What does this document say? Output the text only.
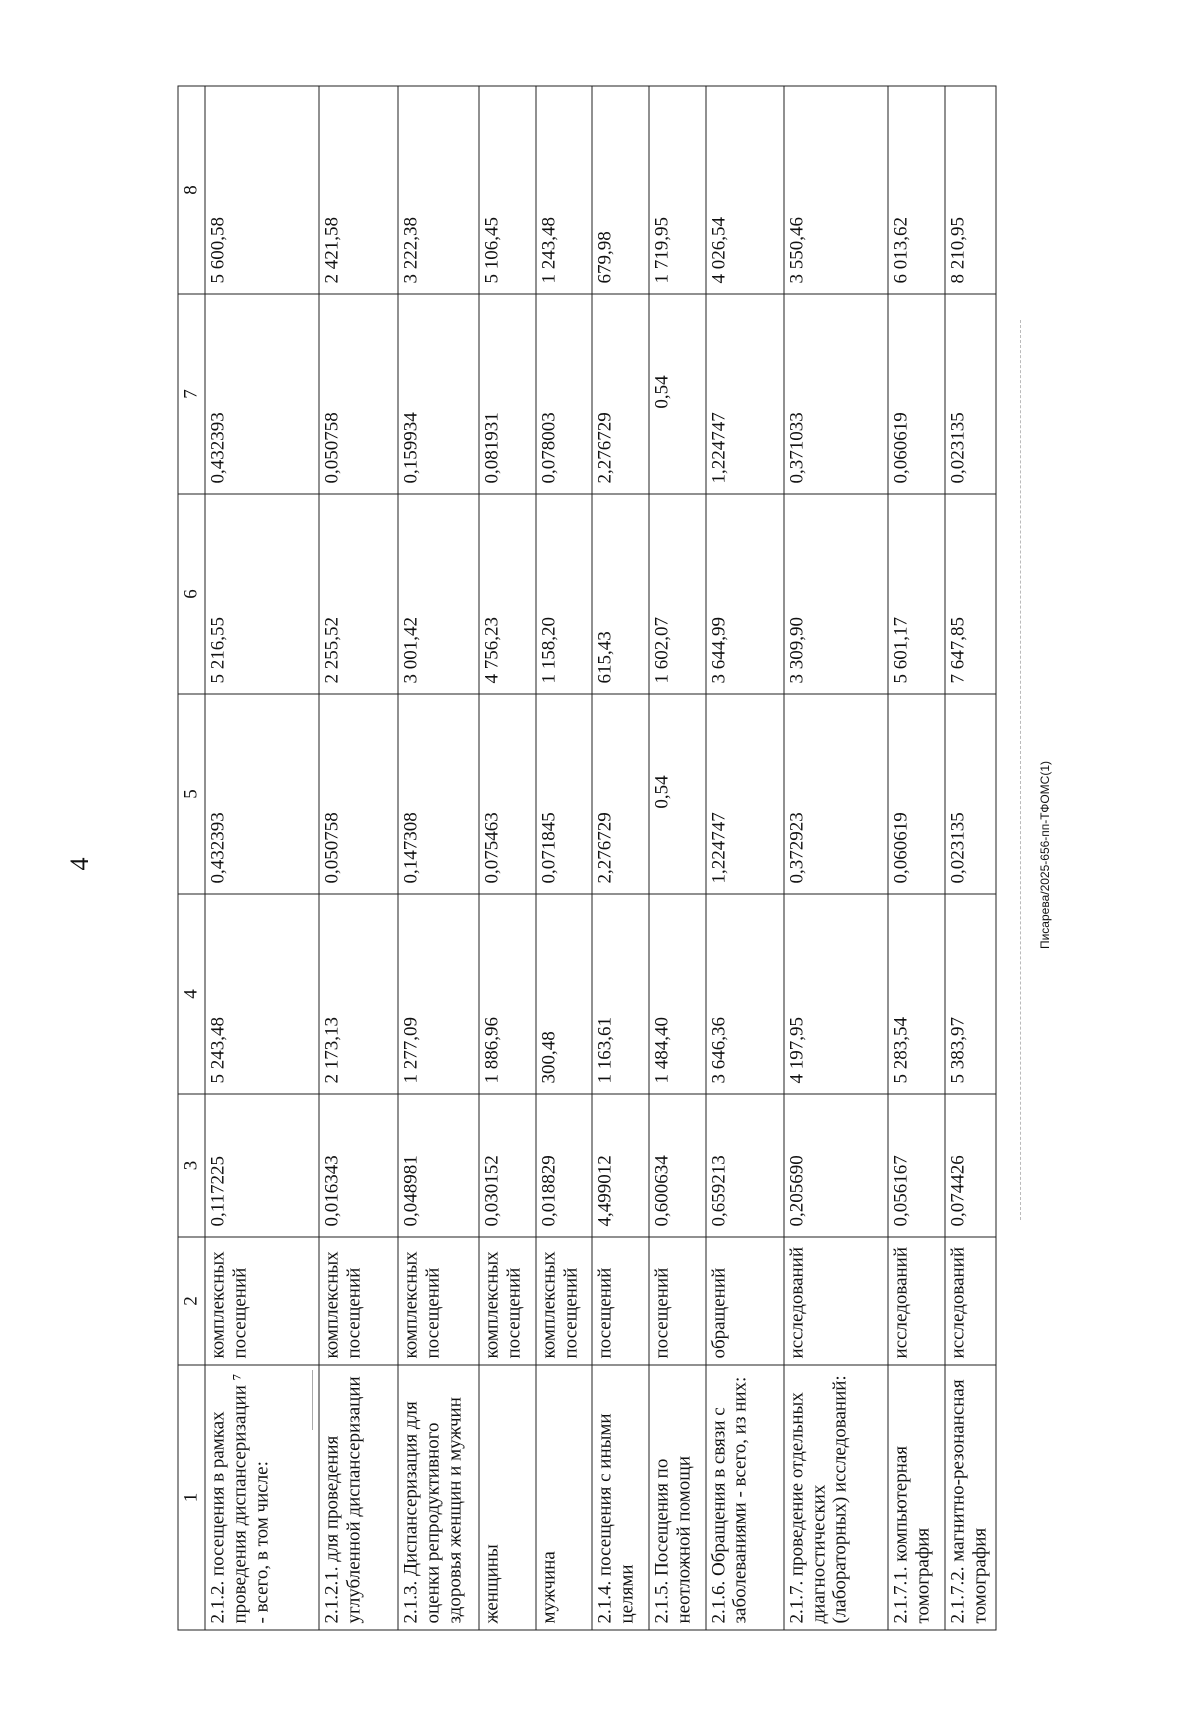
4	Писарева/2025-656-пп-ТФОМС(1)
1	2	3	4	5	6	7	8
2.1.2. посещения в рамках проведения диспансеризации ⁷ - всего, в том числе:	комплексных посещений	0,117225	5 243,48	0,432393	5 216,55	0,432393	5 600,58
2.1.2.1. для проведения углубленной диспансеризации	комплексных посещений	0,016343	2 173,13	0,050758	2 255,52	0,050758	2 421,58
2.1.3. Диспансеризация для оценки репродуктивного здоровья женщин и мужчин	комплексных посещений	0,048981	1 277,09	0,147308	3 001,42	0,159934	3 222,38
женщины	комплексных посещений	0,030152	1 886,96	0,075463	4 756,23	0,081931	5 106,45
мужчина	комплексных посещений	0,018829	300,48	0,071845	1 158,20	0,078003	1 243,48
2.1.4. посещения с иными целями	посещений	4,499012	1 163,61	2,276729	615,43	2,276729	679,98
2.1.5. Посещения по неотложной помощи	посещений	0,600634	1 484,40	0,54	1 602,07	0,54	1 719,95
2.1.6. Обращения в связи с заболеваниями - всего, из них:	обращений	0,659213	3 646,36	1,224747	3 644,99	1,224747	4 026,54
2.1.7. проведение отдельных диагностических (лабораторных) исследований:	исследований	0,205690	4 197,95	0,372923	3 309,90	0,371033	3 550,46
2.1.7.1. компьютерная томография	исследований	0,056167	5 283,54	0,060619	5 601,17	0,060619	6 013,62
2.1.7.2. магнитно-резонансная томография	исследований	0,074426	5 383,97	0,023135	7 647,85	0,023135	8 210,95
